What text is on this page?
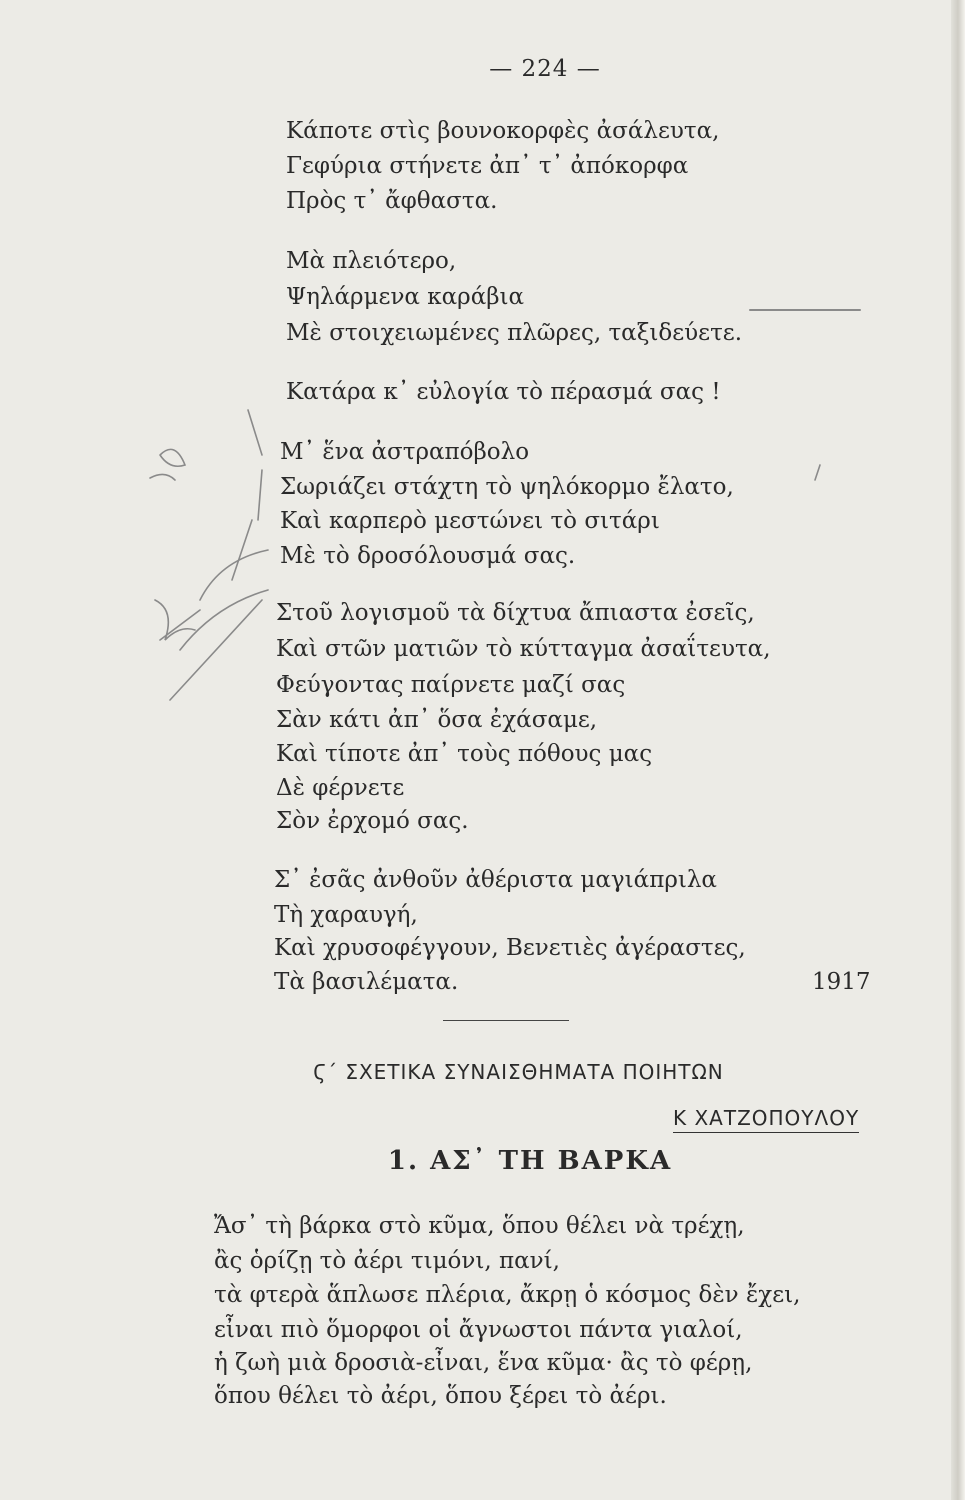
— 224 —
Κάποτε στὶς βουνοκορφὲς ἀσάλευτα,
Γεφύρια στήνετε ἀπ᾽ τ᾽ ἀπόκορφα
Πρὸς τ᾽ ἄφθαστα.
Μὰ πλειότερο,
Ψηλάρμενα καράβια
Μὲ στοιχειωμένες πλῶρες, ταξιδεύετε.
Κατάρα κ᾽ εὐλογία τὸ πέρασμά σας !
Μ᾽ ἕνα ἀστραπόβολο
Σωριάζει στάχτη τὸ ψηλόκορμο ἔλατο,
Καὶ καρπερὸ μεστώνει τὸ σιτάρι
Μὲ τὸ δροσόλουσμά σας.
Στοῦ λογισμοῦ τὰ δίχτυα ἄπιαστα ἐσεῖς,
Καὶ στῶν ματιῶν τὸ κύτταγμα ἀσαΐτευτα,
Φεύγοντας παίρνετε μαζί σας
Σὰν κάτι ἀπ᾽ ὅσα ἐχάσαμε,
Καὶ τίποτε ἀπ᾽ τοὺς πόθους μας
Δὲ φέρνετε
Σὸν ἐρχομό σας.
Σ᾽ ἐσᾶς ἀνθοῦν ἀθέριστα μαγιάπριλα
Τὴ χαραυγή,
Καὶ χρυσοφέγγουν, Βενετιὲς ἀγέραστες,
Τὰ βασιλέματα.	1917
Ϛ΄ ΣΧΕΤΙΚΑ ΣΥΝΑΙΣΘΗΜΑΤΑ ΠΟΙΗΤΩΝ
Κ ΧΑΤΖΟΠΟΥΛΟΥ
1. ΑΣ᾽ ΤΗ ΒΑΡΚΑ
Ἄσ᾽ τὴ βάρκα στὸ κῦμα, ὅπου θέλει νὰ τρέχῃ,
ἂς ὁρίζῃ τὸ ἀέρι τιμόνι, πανί,
τὰ φτερὰ ἅπλωσε πλέρια, ἄκρῃ ὁ κόσμος δὲν ἔχει,
εἶναι πιὸ ὅμορφοι οἱ ἄγνωστοι πάντα γιαλοί,
ἡ ζωὴ μιὰ δροσιὰ-εἶναι, ἕνα κῦμα· ἂς τὸ φέρῃ,
ὅπου θέλει τὸ ἀέρι, ὅπου ξέρει τὸ ἀέρι.
